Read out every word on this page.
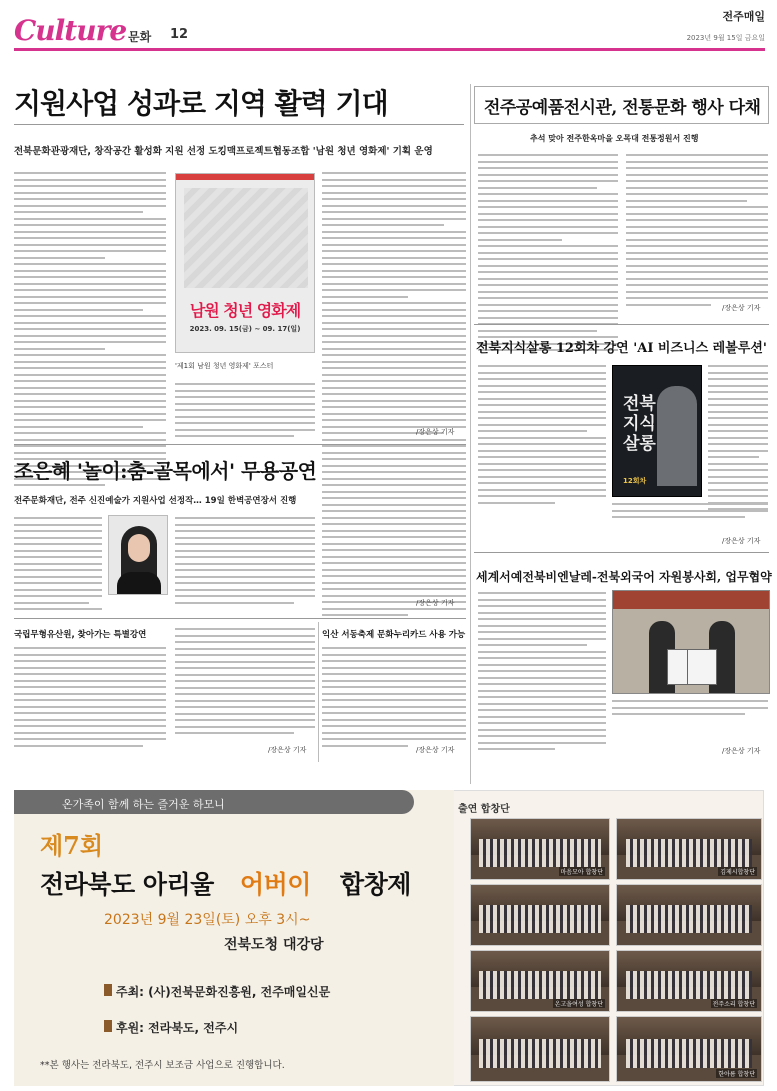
Culture 문화 12
전주매일
2023년 9월 15일 금요일
지원사업 성과로 지역 활력 기대
전북문화관광재단, 창작공간 활성화 지원 선정 도킹맥프로젝트협동조합 '남원 청년 영화제' 기획 운영
남원 청년 영화제
2023. 09. 15(금) ~ 09. 17(일)
'제1회 남원 청년 영화제' 포스터
/장은상 기자
전주공예품전시관, 전통문화 행사 다채
추석 맞아 전주한옥마을 오목대 전통정원서 진행
/장은상 기자
전북지식살롱 12회차 강연 'AI 비즈니스 레볼루션'
전북 지식 살롱
12회차
/장은상 기자
세계서예전북비엔날레-전북외국어 자원봉사회, 업무협약
/장은상 기자
조은혜 '놀이:춤-골목에서' 무용공연
전주문화재단, 전주 신진예술가 지원사업 선정작… 19일 한벽공연장서 진행
/장은상 기자
국립무형유산원, 찾아가는 특별강연
/장은상 기자
익산 서동축제 문화누리카드 사용 가능
/장은상 기자
온가족이 함께 하는 즐거운 하모니
제7회
전라북도 아리울 어버이 합창제
2023년 9월 23일(토) 오후 3시~
전북도청 대강당
주최: (사)전북문화진흥원, 전주매일신문
후원: 전라북도, 전주시
**본 행사는 전라북도, 전주시 보조금 사업으로 진행합니다.
출연 합창단
마음모아 합창단	김제시합창단
온고을여성 합창단	전주소리 합창단
한아름 합창단
